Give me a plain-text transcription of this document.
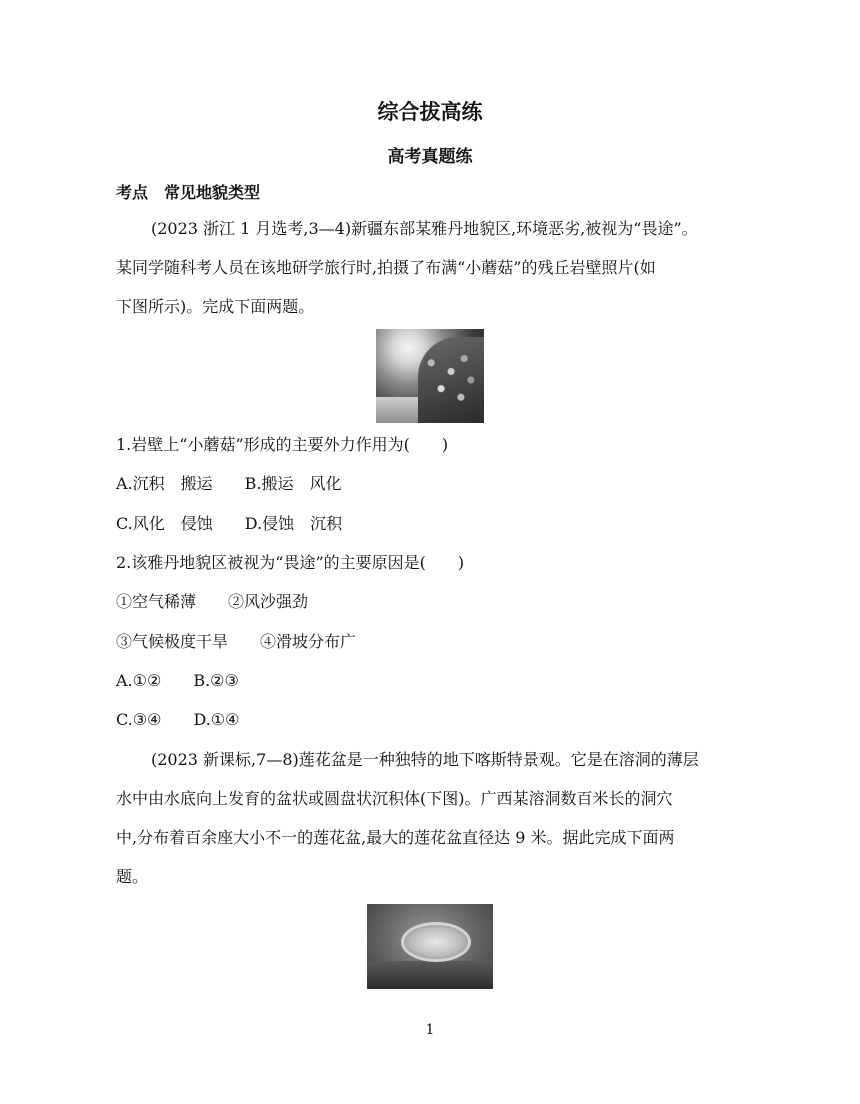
综合拔高练
高考真题练
考点　常见地貌类型
(2023 浙江 1 月选考,3—4)新疆东部某雅丹地貌区,环境恶劣,被视为“畏途”。
某同学随科考人员在该地研学旅行时,拍摄了布满“小蘑菇”的残丘岩壁照片(如
下图所示)。完成下面两题。
1.岩壁上“小蘑菇”形成的主要外力作用为(　　)
A.沉积　搬运　　B.搬运　风化
C.风化　侵蚀　　D.侵蚀　沉积
2.该雅丹地貌区被视为“畏途”的主要原因是(　　)
①空气稀薄　　②风沙强劲
③气候极度干旱　　④滑坡分布广
A.①②　　B.②③
C.③④　　D.①④
(2023 新课标,7—8)莲花盆是一种独特的地下喀斯特景观。它是在溶洞的薄层
水中由水底向上发育的盆状或圆盘状沉积体(下图)。广西某溶洞数百米长的洞穴
中,分布着百余座大小不一的莲花盆,最大的莲花盆直径达 9 米。据此完成下面两
题。
1
